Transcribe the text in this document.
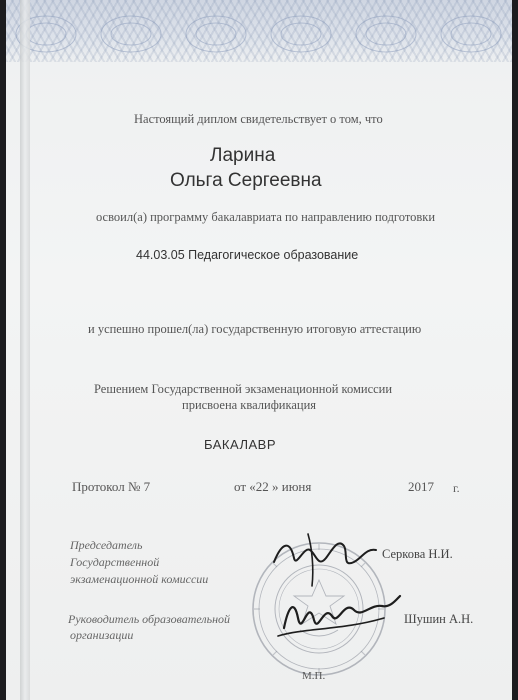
Настоящий диплом свидетельствует о том, что
Ларина
Ольга Сергеевна
освоил(а) программу бакалавриата по направлению подготовки
44.03.05 Педагогическое образование
и успешно прошел(ла) государственную итоговую аттестацию
Решением Государственной экзаменационной комиссии
присвоена квалификация
БАКАЛАВР
Протокол № 7	от «22 » июня	2017 г.
Председатель
Государственной
экзаменационной комиссии
Серкова Н.И.
Руководитель образовательной
организации
Шушин А.Н.
М.П.
